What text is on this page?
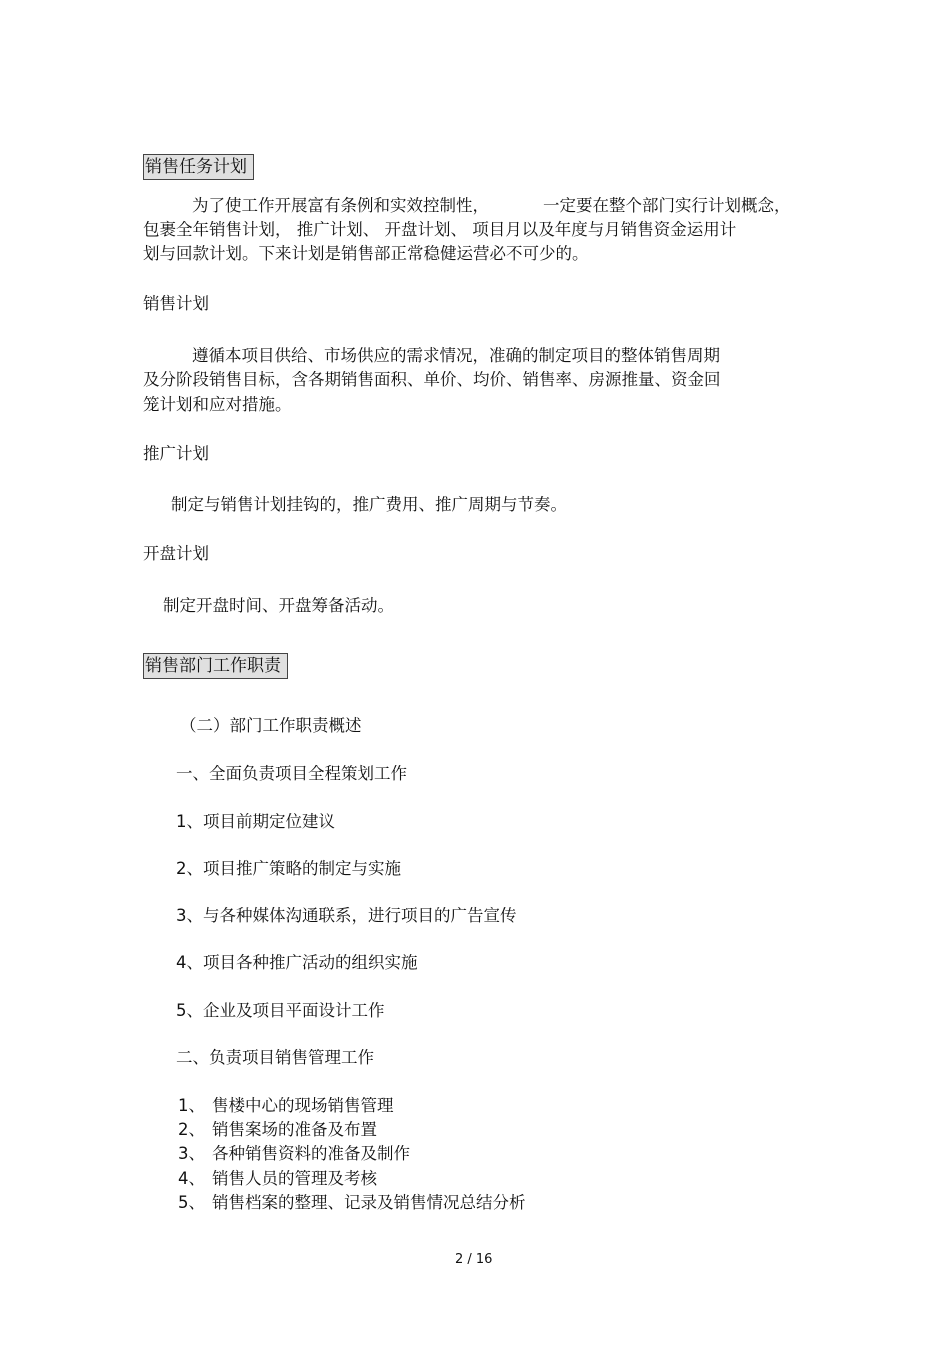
销售任务计划
为了使工作开展富有条例和实效控制性，	一定要在整个部门实行计划概念，
包裹全年销售计划， 推广计划、 开盘计划、 项目月以及年度与月销售资金运用计
划与回款计划。下来计划是销售部正常稳健运营必不可少的。
销售计划
遵循本项目供给、市场供应的需求情况，准确的制定项目的整体销售周期
及分阶段销售目标，含各期销售面积、单价、均价、销售率、房源推量、资金回
笼计划和应对措施。
推广计划
制定与销售计划挂钩的，推广费用、推广周期与节奏。
开盘计划
制定开盘时间、开盘筹备活动。
销售部门工作职责
（二）部门工作职责概述
一、全面负责项目全程策划工作
1、项目前期定位建议
2、项目推广策略的制定与实施
3、与各种媒体沟通联系，进行项目的广告宣传
4、项目各种推广活动的组织实施
5、企业及项目平面设计工作
二、负责项目销售管理工作
1、 售楼中心的现场销售管理
2、 销售案场的准备及布置
3、 各种销售资料的准备及制作
4、 销售人员的管理及考核
5、 销售档案的整理、记录及销售情况总结分析
2 / 16
